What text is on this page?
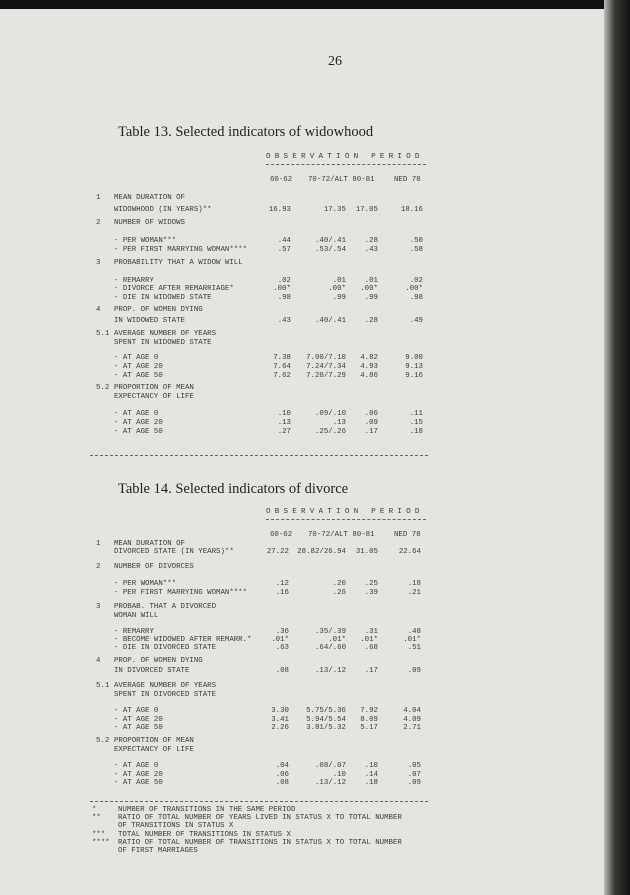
26
Table 13. Selected indicators of widowhood
OBSERVATION PERIOD
60-62 70-72/ALT 80-81	NED 78
1 MEAN DURATION OF
WIDOWHOOD (IN YEARS)**	16.93	17.35	17.05	18.16
2 NUMBER OF WIDOWS
- PER WOMAN***	.44	.40/.41	.28	.50
- PER FIRST MARRYING WOMAN****	.57	.53/.54	.43	.58
3 PROBABILITY THAT A WIDOW WILL
- REMARRY	.02	.01	.01	.02
- DIVORCE AFTER REMARRIAGE*	.00*	.00*	.00*	.00*
- DIE IN WIDOWED STATE	.98	.99	.99	.98
4 PROP. OF WOMEN DYING
IN WIDOWED STATE	.43	.40/.41	.28	.49
5.1 AVERAGE NUMBER OF YEARS
SPENT IN WIDOWED STATE
- AT AGE 0	7.38	7.00/7.10	4.82	9.00
- AT AGE 20	7.64	7.24/7.34	4.93	9.13
- AT AGE 50	7.62	7.20/7.29	4.86	9.16
5.2 PROPORTION OF MEAN
EXPECTANCY OF LIFE
- AT AGE 0	.10	.09/.10	.06	.11
- AT AGE 20	.13	.13	.09	.15
- AT AGE 50	.27	.25/.26	.17	.18
Table 14. Selected indicators of divorce
OBSERVATION PERIOD
60-62 70-72/ALT 80-81	NED 78
1 MEAN DURATION OF
DIVORCED STATE (IN YEARS)**	27.22	28.82/26.94	31.05	22.64
2 NUMBER OF DIVORCES
- PER WOMAN***	.12	.20	.25	.18
- PER FIRST MARRYING WOMAN****	.16	.26	.39	.21
3 PROBAB. THAT A DIVORCED
WOMAN WILL
- REMARRY	.36	.35/.39	.31	.48
- BECOME WIDOWED AFTER REMARR.*	.01*	.01*	.01*	.01*
- DIE IN DIVORCED STATE	.63	.64/.60	.68	.51
4 PROP. OF WOMEN DYING
IN DIVORCED STATE	.08	.13/.12	.17	.09
5.1 AVERAGE NUMBER OF YEARS
SPENT IN DIVORCED STATE
- AT AGE 0	3.30	5.75/5.36	7.92	4.04
- AT AGE 20	3.41	5.94/5.54	8.09	4.09
- AT AGE 50	2.26	3.81/5.32	5.17	2.71
5.2 PROPORTION OF MEAN
EXPECTANCY OF LIFE
- AT AGE 0	.04	.08/.07	.10	.05
- AT AGE 20	.06	.10	.14	.07
- AT AGE 50	.08	.13/.12	.18	.09
*	NUMBER OF TRANSITIONS IN THE SAME PERIOD
** RATIO OF TOTAL NUMBER OF YEARS LIVED IN STATUS X TO TOTAL NUMBER
OF TRANSITIONS IN STATUS X
*** TOTAL NUMBER OF TRANSITIONS IN STATUS X
**** RATIO OF TOTAL NUMBER OF TRANSITIONS IN STATUS X TO TOTAL NUMBER
OF FIRST MARRIAGES
